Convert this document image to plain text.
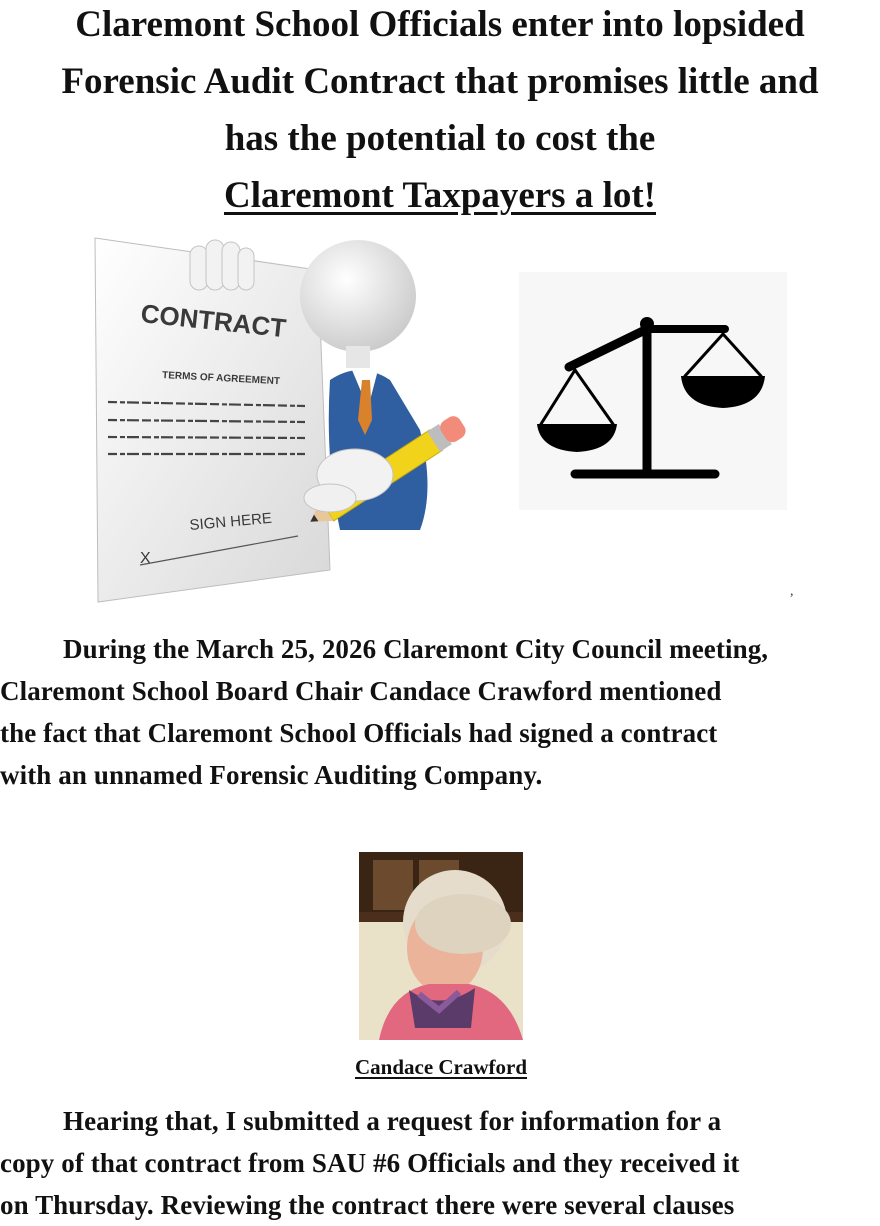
Claremont School Officials enter into lopsided
Forensic Audit Contract that promises little and
has the potential to cost the
Claremont Taxpayers a lot!
CONTRACT
TERMS OF AGREEMENT
SIGN HERE
X
,
During the March 25, 2026 Claremont City Council meeting,
Claremont School Board Chair Candace Crawford mentioned
the fact that Claremont School Officials had signed a contract
with an unnamed Forensic Auditing Company.
Candace Crawford
Hearing that, I submitted a request for information for a
copy of that contract from SAU #6 Officials and they received it
on Thursday. Reviewing the contract there were several clauses
